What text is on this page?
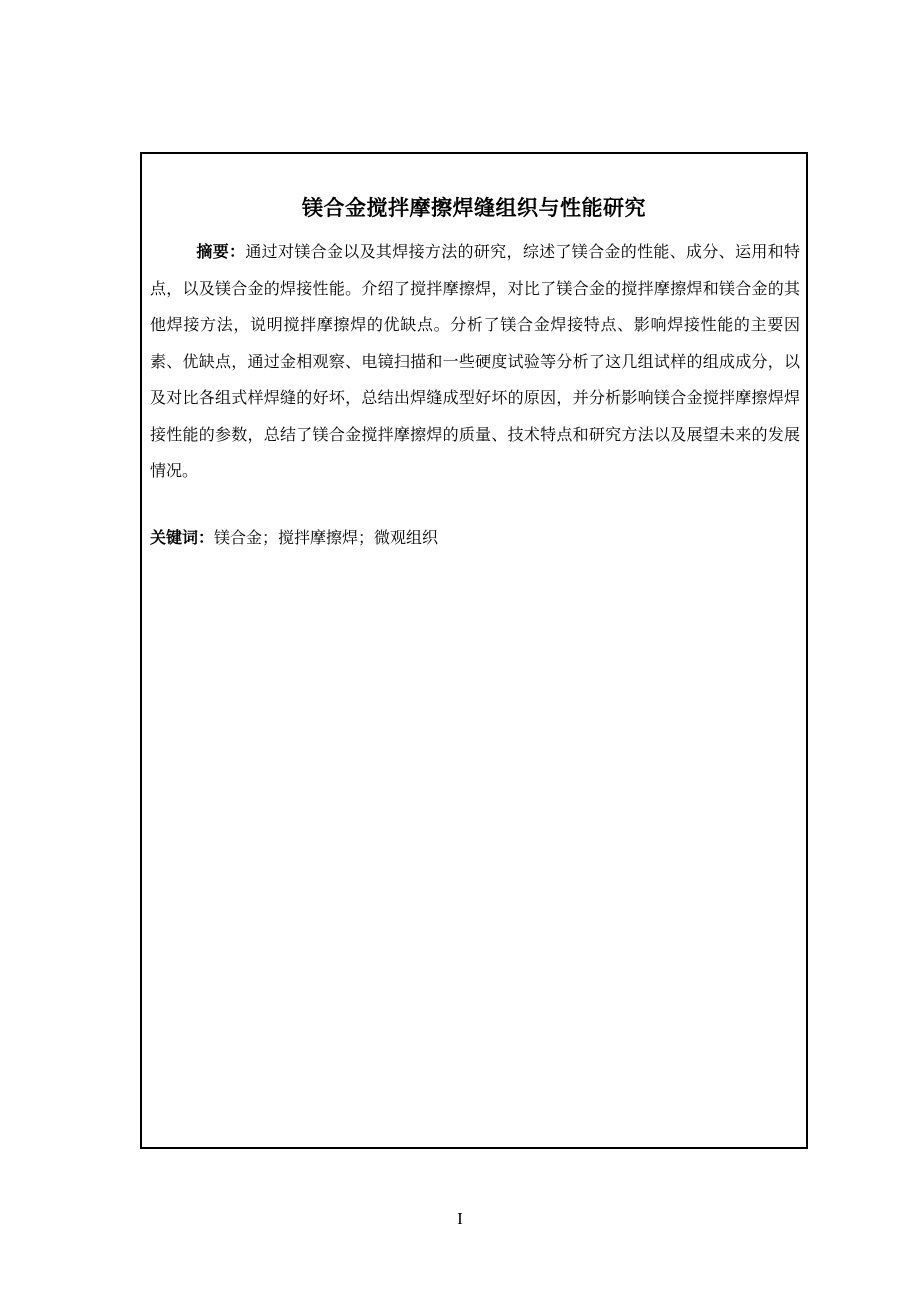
镁合金搅拌摩擦焊缝组织与性能研究

摘要：通过对镁合金以及其焊接方法的研究，综述了镁合金的性能、成分、运用和特点，以及镁合金的焊接性能。介绍了搅拌摩擦焊，对比了镁合金的搅拌摩擦焊和镁合金的其他焊接方法，说明搅拌摩擦焊的优缺点。分析了镁合金焊接特点、影响焊接性能的主要因素、优缺点，通过金相观察、电镜扫描和一些硬度试验等分析了这几组试样的组成成分，以及对比各组式样焊缝的好坏，总结出焊缝成型好坏的原因，并分析影响镁合金搅拌摩擦焊焊接性能的参数，总结了镁合金搅拌摩擦焊的质量、技术特点和研究方法以及展望未来的发展情况。

关键词：镁合金；搅拌摩擦焊；微观组织

I
